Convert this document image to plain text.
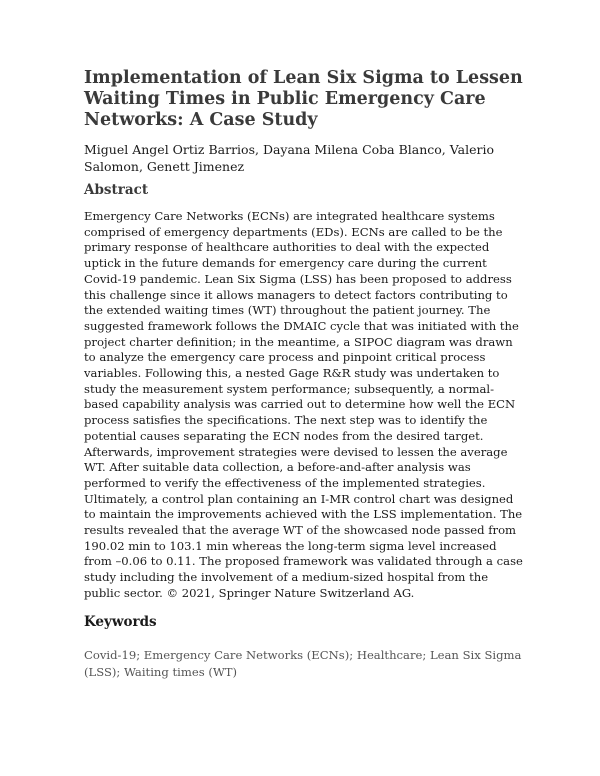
Implementation of Lean Six Sigma to Lessen Waiting Times in Public Emergency Care Networks: A Case Study
Miguel Angel Ortiz Barrios, Dayana Milena Coba Blanco, Valerio Salomon, Genett Jimenez
Abstract

Emergency Care Networks (ECNs) are integrated healthcare systems comprised of emergency departments (EDs). ECNs are called to be the primary response of healthcare authorities to deal with the expected uptick in the future demands for emergency care during the current Covid-19 pandemic. Lean Six Sigma (LSS) has been proposed to address this challenge since it allows managers to detect factors contributing to the extended waiting times (WT) throughout the patient journey. The suggested framework follows the DMAIC cycle that was initiated with the project charter definition; in the meantime, a SIPOC diagram was drawn to analyze the emergency care process and pinpoint critical process variables. Following this, a nested Gage R&R study was undertaken to study the measurement system performance; subsequently, a normal-based capability analysis was carried out to determine how well the ECN process satisfies the specifications. The next step was to identify the potential causes separating the ECN nodes from the desired target. Afterwards, improvement strategies were devised to lessen the average WT. After suitable data collection, a before-and-after analysis was performed to verify the effectiveness of the implemented strategies. Ultimately, a control plan containing an I-MR control chart was designed to maintain the improvements achieved with the LSS implementation. The results revealed that the average WT of the showcased node passed from 190.02 min to 103.1 min whereas the long-term sigma level increased from –0.06 to 0.11. The proposed framework was validated through a case study including the involvement of a medium-sized hospital from the public sector. © 2021, Springer Nature Switzerland AG.

Keywords

Covid-19; Emergency Care Networks (ECNs); Healthcare; Lean Six Sigma (LSS); Waiting times (WT)
